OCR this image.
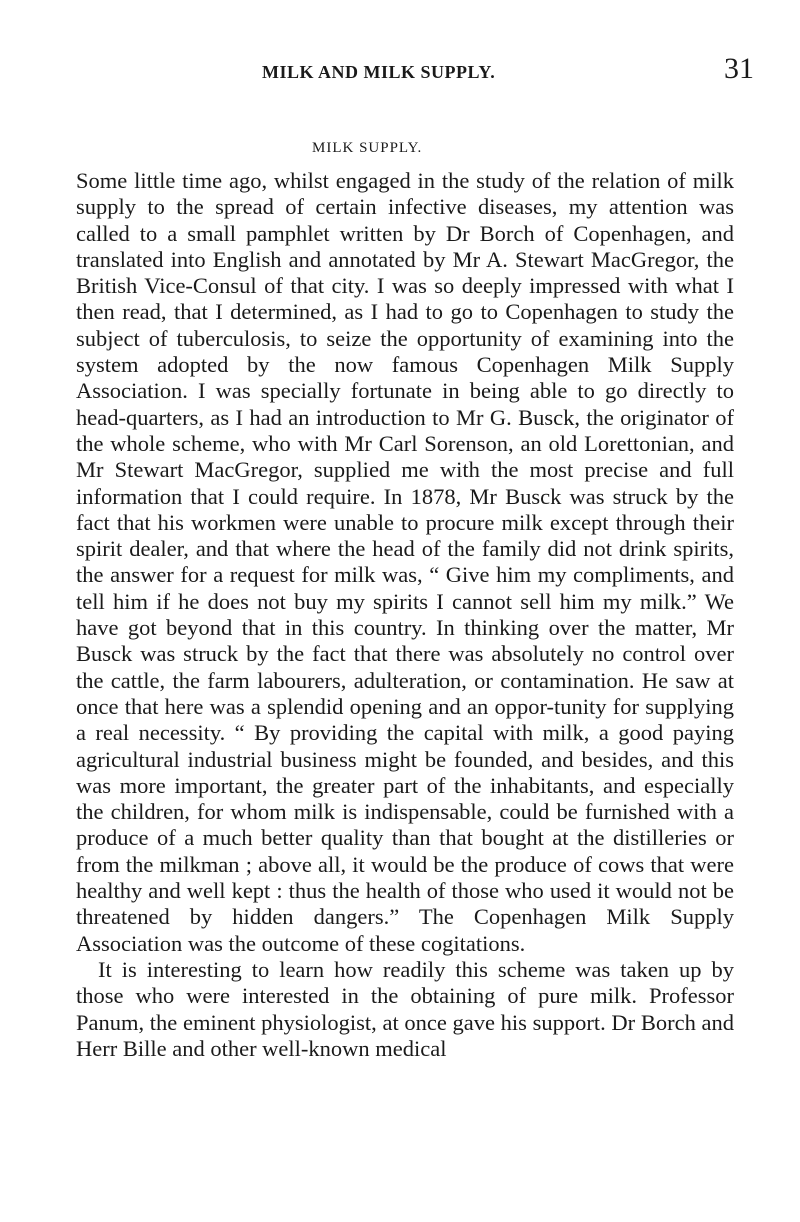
MILK AND MILK SUPPLY.	31
MILK SUPPLY.

Some little time ago, whilst engaged in the study of the relation of milk supply to the spread of certain infective diseases, my attention was called to a small pamphlet written by Dr Borch of Copenhagen, and translated into English and annotated by Mr A. Stewart MacGregor, the British Vice-Consul of that city. I was so deeply impressed with what I then read, that I determined, as I had to go to Copenhagen to study the subject of tuberculosis, to seize the opportunity of examining into the system adopted by the now famous Copenhagen Milk Supply Association. I was specially fortunate in being able to go directly to head-quarters, as I had an introduction to Mr G. Busck, the originator of the whole scheme, who with Mr Carl Sorenson, an old Lorettonian, and Mr Stewart MacGregor, supplied me with the most precise and full information that I could require. In 1878, Mr Busck was struck by the fact that his workmen were unable to procure milk except through their spirit dealer, and that where the head of the family did not drink spirits, the answer for a request for milk was, “ Give him my compliments, and tell him if he does not buy my spirits I cannot sell him my milk.” We have got beyond that in this country. In thinking over the matter, Mr Busck was struck by the fact that there was absolutely no control over the cattle, the farm labourers, adulteration, or contamination. He saw at once that here was a splendid opening and an oppor-tunity for supplying a real necessity. “ By providing the capital with milk, a good paying agricultural industrial business might be founded, and besides, and this was more important, the greater part of the inhabitants, and especially the children, for whom milk is indispensable, could be furnished with a produce of a much better quality than that bought at the distilleries or from the milkman ; above all, it would be the produce of cows that were healthy and well kept : thus the health of those who used it would not be threatened by hidden dangers.” The Copenhagen Milk Supply Association was the outcome of these cogitations.

It is interesting to learn how readily this scheme was taken up by those who were interested in the obtaining of pure milk. Professor Panum, the eminent physiologist, at once gave his support. Dr Borch and Herr Bille and other well-known medical
